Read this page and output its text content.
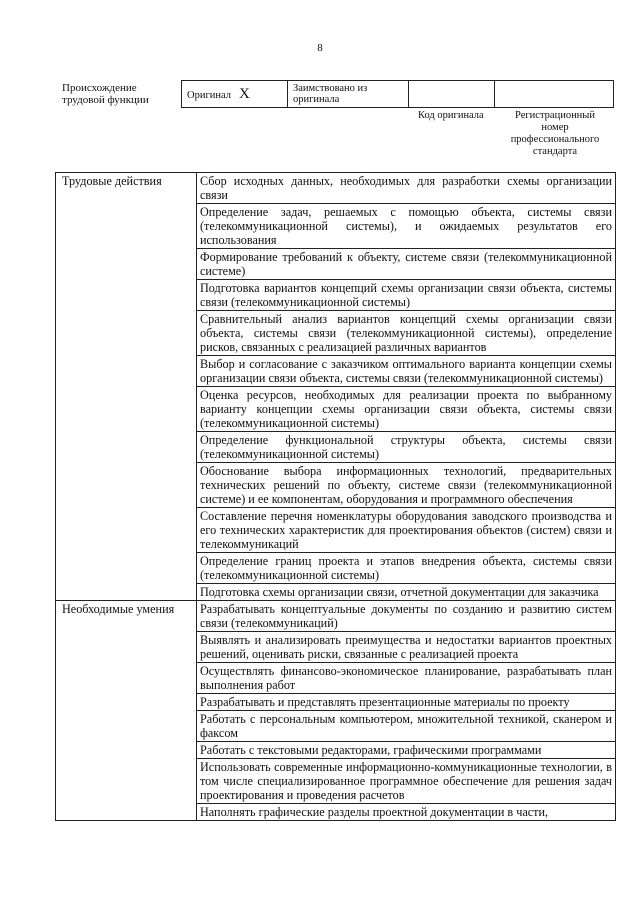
8
Происхождение трудовой функции	Оригинал X	Заимствовано из оригинала		
Код оригинала	Регистрационный номер профессионального стандарта
Трудовые действия	Сбор исходных данных, необходимых для разработки схемы организации связи
	Определение задач, решаемых с помощью объекта, системы связи (телекоммуникационной системы), и ожидаемых результатов его использования
	Формирование требований к объекту, системе связи (телекоммуникационной системе)
	Подготовка вариантов концепций схемы организации связи объекта, системы связи (телекоммуникационной системы)
	Сравнительный анализ вариантов концепций схемы организации связи объекта, системы связи (телекоммуникационной системы), определение рисков, связанных с реализацией различных вариантов
	Выбор и согласование с заказчиком оптимального варианта концепции схемы организации связи объекта, системы связи (телекоммуникационной системы)
	Оценка ресурсов, необходимых для реализации проекта по выбранному варианту концепции схемы организации связи объекта, системы связи (телекоммуникационной системы)
	Определение функциональной структуры объекта, системы связи (телекоммуникационной системы)
	Обоснование выбора информационных технологий, предварительных технических решений по объекту, системе связи (телекоммуникационной системе) и ее компонентам, оборудования и программного обеспечения
	Составление перечня номенклатуры оборудования заводского производства и его технических характеристик для проектирования объектов (систем) связи и телекоммуникаций
	Определение границ проекта и этапов внедрения объекта, системы связи (телекоммуникационной системы)
	Подготовка схемы организации связи, отчетной документации для заказчика
Необходимые умения	Разрабатывать концептуальные документы по созданию и развитию систем связи (телекоммуникаций)
	Выявлять и анализировать преимущества и недостатки вариантов проектных решений, оценивать риски, связанные с реализацией проекта
	Осуществлять финансово-экономическое планирование, разрабатывать план выполнения работ
	Разрабатывать и представлять презентационные материалы по проекту
	Работать с персональным компьютером, множительной техникой, сканером и факсом
	Работать с текстовыми редакторами, графическими программами
	Использовать современные информационно-коммуникационные технологии, в том числе специализированное программное обеспечение для решения задач проектирования и проведения расчетов
	Наполнять графические разделы проектной документации в части,
